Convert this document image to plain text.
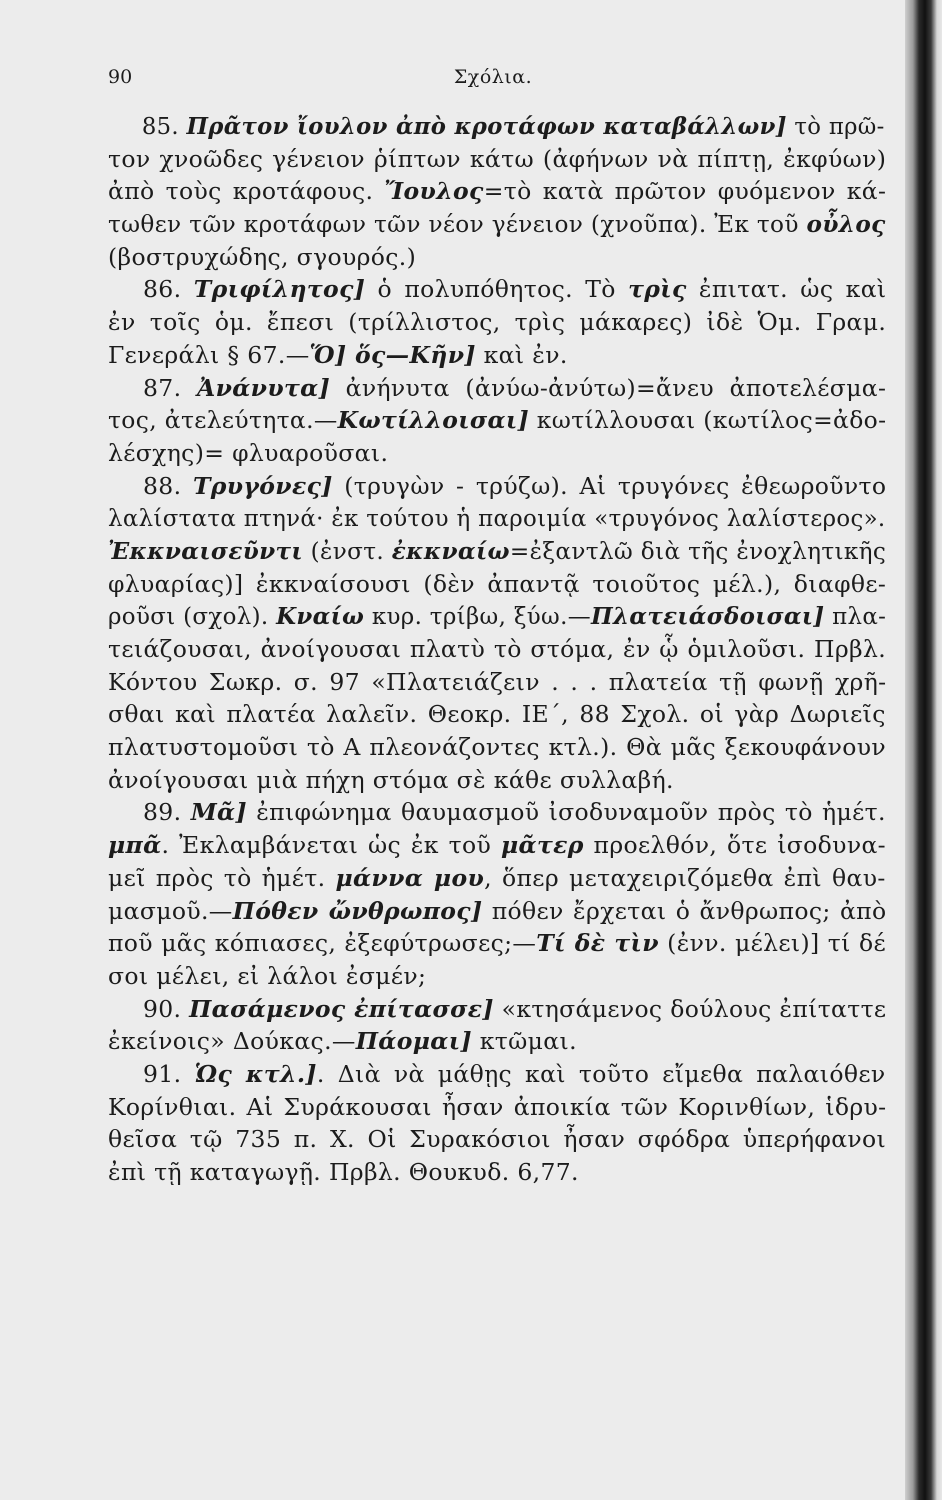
90	Σχόλια.
85. Πρᾶτον ἴουλον ἀπὸ κροτάφων καταβάλλων] τὸ πρῶ-
τον χνοῶδες γένειον ῥίπτων κάτω (ἀφήνων νὰ πίπτῃ, ἐκφύων)
ἀπὸ τοὺς κροτάφους. Ἴουλος=τὸ κατὰ πρῶτον φυόμενον κά-
τωθεν τῶν κροτάφων τῶν νέον γένειον (χνοῦπα). Ἐκ τοῦ οὖλος
(βοστρυχώδης, σγουρός.)
86. Τριφίλητος] ὁ πολυπόθητος. Τὸ τρὶς ἐπιτατ. ὡς καὶ
ἐν τοῖς ὁμ. ἔπεσι (τρίλλιστος, τρὶς μάκαρες) ἰδὲ Ὁμ. Γραμ.
Γενεράλι § 67.—Ὅ] ὅς—Κῆν] καὶ ἐν.
87. Ἀνάνυτα] ἀνήνυτα (ἀνύω-ἀνύτω)=ἄνευ ἀποτελέσμα-
τος, ἀτελεύτητα.—Κωτίλλοισαι] κωτίλλουσαι (κωτίλος=ἀδο-
λέσχης)= φλυαροῦσαι.
88. Τρυγόνες] (τρυγὼν - τρύζω). Αἱ τρυγόνες ἐθεωροῦντο
λαλίστατα πτηνά· ἐκ τούτου ἡ παροιμία «τρυγόνος λαλίστερος».
Ἐκκναισεῦντι (ἐνστ. ἐκκναίω=ἐξαντλῶ διὰ τῆς ἐνοχλητικῆς
φλυαρίας)] ἐκκναίσουσι (δὲν ἀπαντᾷ τοιοῦτος μέλ.), διαφθε-
ροῦσι (σχολ). Κναίω κυρ. τρίβω, ξύω.—Πλατειάσδοισαι] πλα-
τειάζουσαι, ἀνοίγουσαι πλατὺ τὸ στόμα, ἐν ᾧ ὁμιλοῦσι. Πρβλ.
Κόντου Σωκρ. σ. 97 «Πλατειάζειν . . . πλατεία τῇ φωνῇ χρῆ-
σθαι καὶ πλατέα λαλεῖν. Θεοκρ. ΙΕ΄, 88 Σχολ. οἱ γὰρ Δωριεῖς
πλατυστομοῦσι τὸ Α πλεονάζοντες κτλ.). Θὰ μᾶς ξεκουφάνουν
ἀνοίγουσαι μιὰ πήχη στόμα σὲ κάθε συλλαβή.
89. Μᾶ] ἐπιφώνημα θαυμασμοῦ ἰσοδυναμοῦν πρὸς τὸ ἡμέτ.
μπᾶ. Ἐκλαμβάνεται ὡς ἐκ τοῦ μᾶτερ προελθόν, ὅτε ἰσοδυνα-
μεῖ πρὸς τὸ ἡμέτ. μάννα μου, ὅπερ μεταχειριζόμεθα ἐπὶ θαυ-
μασμοῦ.—Πόθεν ὤνθρωπος] πόθεν ἔρχεται ὁ ἄνθρωπος; ἀπὸ
ποῦ μᾶς κόπιασες, ἐξεφύτρωσες;—Τί δὲ τὶν (ἐνν. μέλει)] τί δέ
σοι μέλει, εἰ λάλοι ἐσμέν;
90. Πασάμενος ἐπίτασσε] «κτησάμενος δούλους ἐπίταττε
ἐκείνοις» Δούκας.—Πάομαι] κτῶμαι.
91. Ὡς κτλ.]. Διὰ νὰ μάθῃς καὶ τοῦτο εἴμεθα παλαιόθεν
Κορίνθιαι. Αἱ Συράκουσαι ἦσαν ἀποικία τῶν Κορινθίων, ἱδρυ-
θεῖσα τῷ 735 π. Χ. Οἱ Συρακόσιοι ἦσαν σφόδρα ὑπερήφανοι
ἐπὶ τῇ καταγωγῇ. Πρβλ. Θουκυδ. 6,77.
